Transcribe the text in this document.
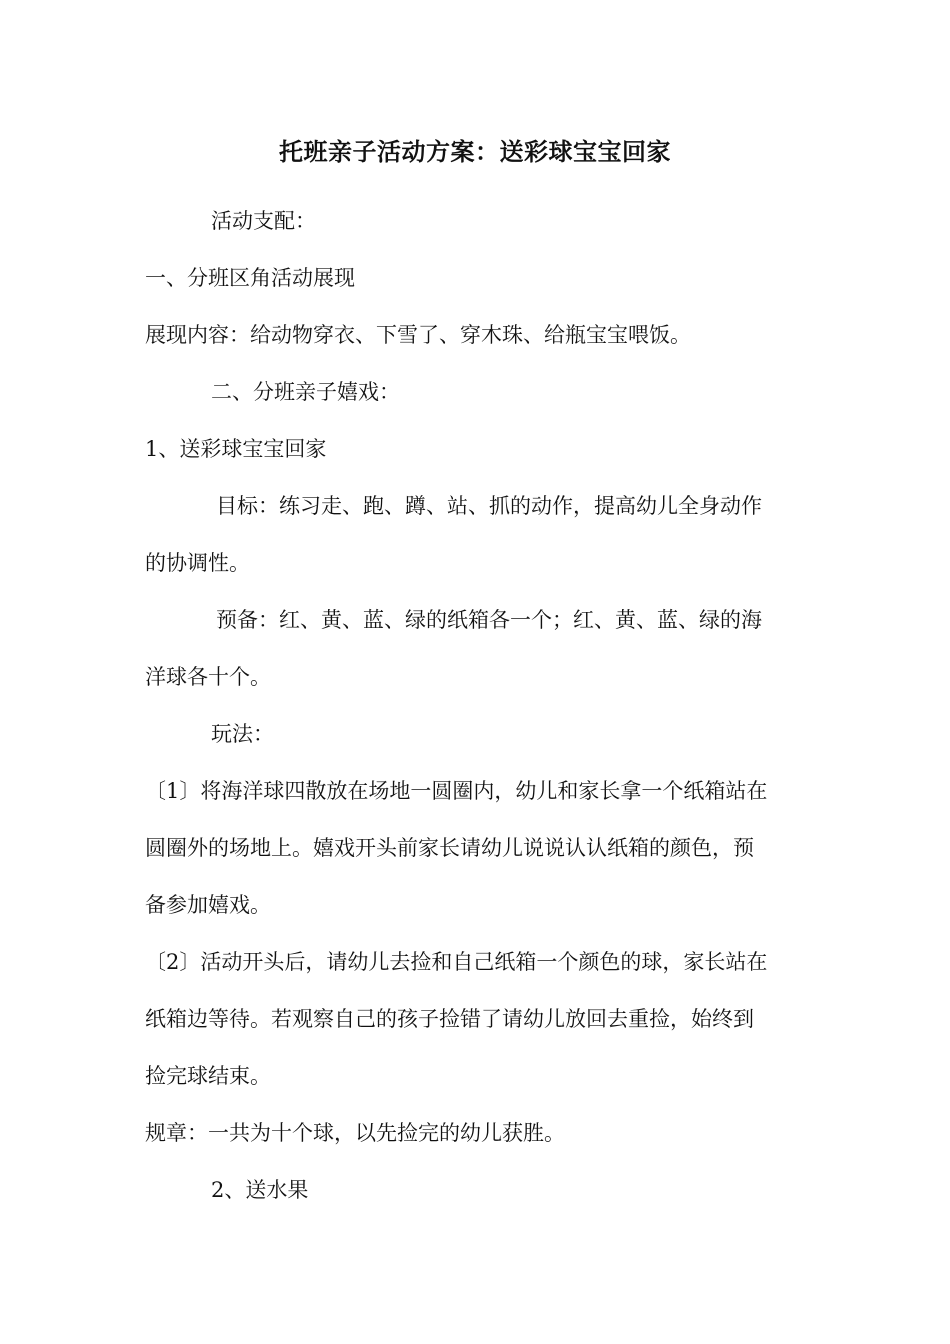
托班亲子活动方案：送彩球宝宝回家
活动支配：
一、分班区角活动展现
展现内容：给动物穿衣、下雪了、穿木珠、给瓶宝宝喂饭。
二、分班亲子嬉戏：
1、送彩球宝宝回家
目标：练习走、跑、蹲、站、抓的动作，提高幼儿全身动作
的协调性。
预备：红、黄、蓝、绿的纸箱各一个；红、黄、蓝、绿的海
洋球各十个。
玩法：
〔1〕将海洋球四散放在场地一圆圈内，幼儿和家长拿一个纸箱站在
圆圈外的场地上。嬉戏开头前家长请幼儿说说认认纸箱的颜色，预
备参加嬉戏。
〔2〕活动开头后，请幼儿去捡和自己纸箱一个颜色的球，家长站在
纸箱边等待。若观察自己的孩子捡错了请幼儿放回去重捡，始终到
捡完球结束。
规章：一共为十个球，以先捡完的幼儿获胜。
2、送水果
